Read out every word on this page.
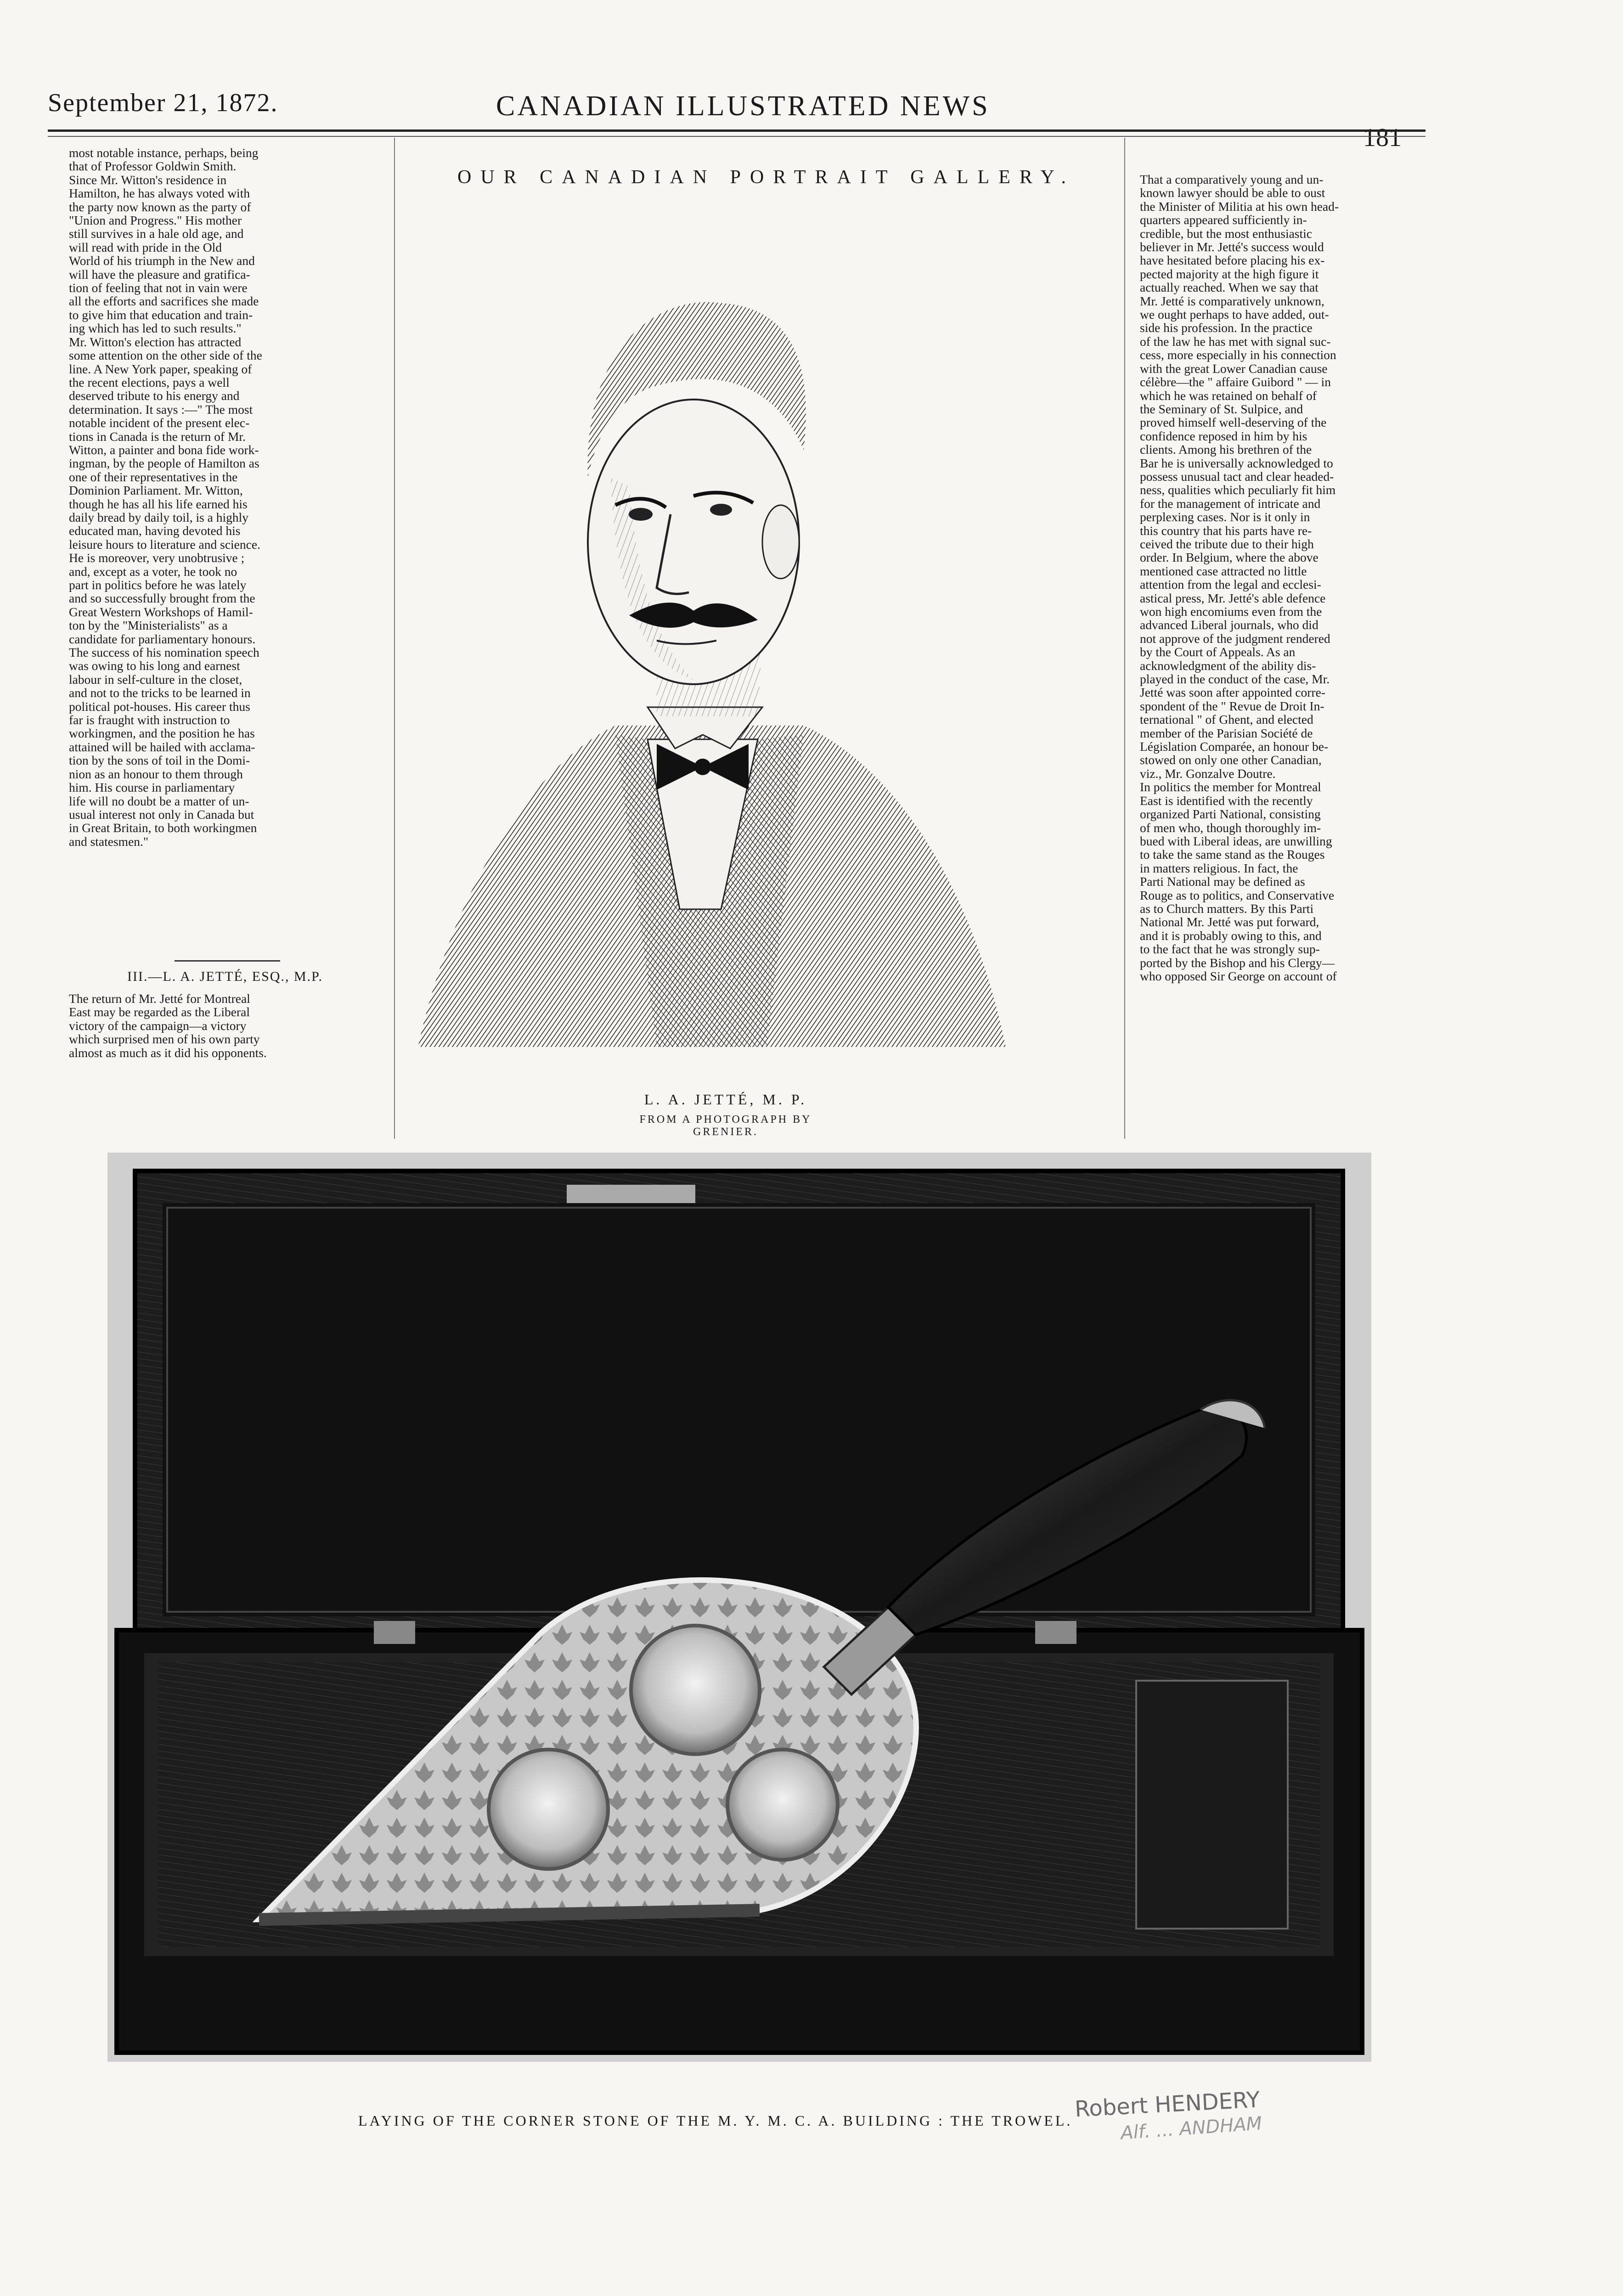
September 21, 1872.	CANADIAN ILLUSTRATED NEWS
181
most notable instance, perhaps, being
that of Professor Goldwin Smith.
Since Mr. Witton's residence in
Hamilton, he has always voted with
the party now known as the party of
"Union and Progress." His mother
still survives in a hale old age, and
will read with pride in the Old
World of his triumph in the New and
will have the pleasure and gratifica-
tion of feeling that not in vain were
all the efforts and sacrifices she made
to give him that education and train-
ing which has led to such results."
Mr. Witton's election has attracted
some attention on the other side of the
line. A New York paper, speaking of
the recent elections, pays a well
deserved tribute to his energy and
determination. It says :—" The most
notable incident of the present elec-
tions in Canada is the return of Mr.
Witton, a painter and bona fide work-
ingman, by the people of Hamilton as
one of their representatives in the
Dominion Parliament. Mr. Witton,
though he has all his life earned his
daily bread by daily toil, is a highly
educated man, having devoted his
leisure hours to literature and science.
He is moreover, very unobtrusive ;
and, except as a voter, he took no
part in politics before he was lately
and so successfully brought from the
Great Western Workshops of Hamil-
ton by the "Ministerialists" as a
candidate for parliamentary honours.
The success of his nomination speech
was owing to his long and earnest
labour in self-culture in the closet,
and not to the tricks to be learned in
political pot-houses. His career thus
far is fraught with instruction to
workingmen, and the position he has
attained will be hailed with acclama-
tion by the sons of toil in the Domi-
nion as an honour to them through
him. His course in parliamentary
life will no doubt be a matter of un-
usual interest not only in Canada but
in Great Britain, to both workingmen
and statesmen."
III.—L. A. JETTÉ, ESQ., M.P.
The return of Mr. Jetté for Montreal
East may be regarded as the Liberal
victory of the campaign—a victory
which surprised men of his own party
almost as much as it did his opponents.
OUR CANADIAN PORTRAIT GALLERY.
L. A. JETTÉ, M. P.
FROM A PHOTOGRAPH BY GRENIER.
That a comparatively young and un-
known lawyer should be able to oust
the Minister of Militia at his own head-
quarters appeared sufficiently in-
credible, but the most enthusiastic
believer in Mr. Jetté's success would
have hesitated before placing his ex-
pected majority at the high figure it
actually reached. When we say that
Mr. Jetté is comparatively unknown,
we ought perhaps to have added, out-
side his profession. In the practice
of the law he has met with signal suc-
cess, more especially in his connection
with the great Lower Canadian cause
célèbre—the " affaire Guibord " — in
which he was retained on behalf of
the Seminary of St. Sulpice, and
proved himself well-deserving of the
confidence reposed in him by his
clients. Among his brethren of the
Bar he is universally acknowledged to
possess unusual tact and clear headed-
ness, qualities which peculiarly fit him
for the management of intricate and
perplexing cases. Nor is it only in
this country that his parts have re-
ceived the tribute due to their high
order. In Belgium, where the above
mentioned case attracted no little
attention from the legal and ecclesi-
astical press, Mr. Jetté's able defence
won high encomiums even from the
advanced Liberal journals, who did
not approve of the judgment rendered
by the Court of Appeals. As an
acknowledgment of the ability dis-
played in the conduct of the case, Mr.
Jetté was soon after appointed corre-
spondent of the " Revue de Droit In-
ternational " of Ghent, and elected
member of the Parisian Société de
Législation Comparée, an honour be-
stowed on only one other Canadian,
viz., Mr. Gonzalve Doutre.
In politics the member for Montreal
East is identified with the recently
organized Parti National, consisting
of men who, though thoroughly im-
bued with Liberal ideas, are unwilling
to take the same stand as the Rouges
in matters religious. In fact, the
Parti National may be defined as
Rouge as to politics, and Conservative
as to Church matters. By this Parti
National Mr. Jetté was put forward,
and it is probably owing to this, and
to the fact that he was strongly sup-
ported by the Bishop and his Clergy—
who opposed Sir George on account of
LAYING OF THE CORNER STONE OF THE M. Y. M. C. A. BUILDING : THE TROWEL. Robert HENDERY
Alf. ... ANDHAM
